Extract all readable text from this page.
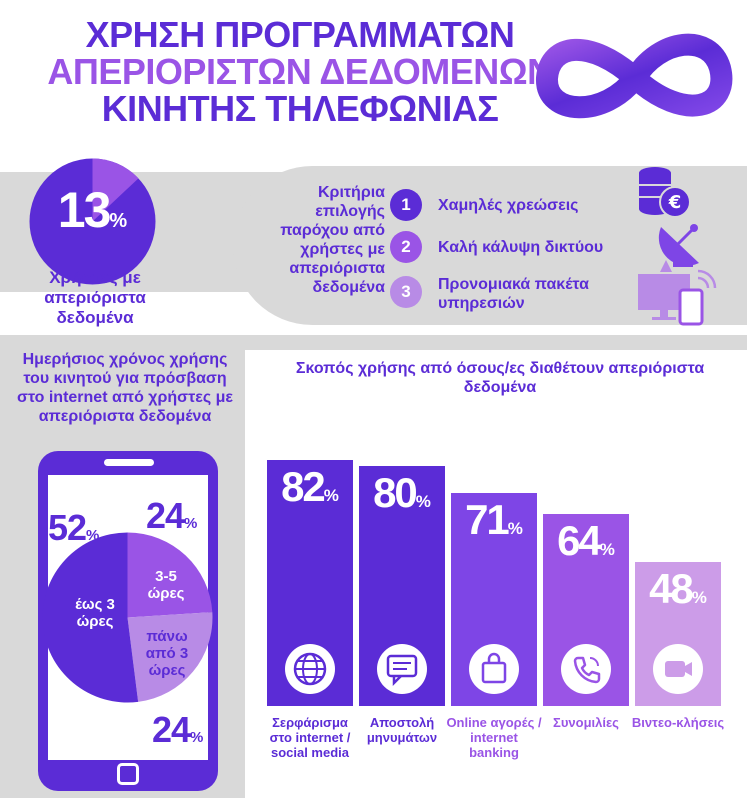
ΧΡΗΣΗ ΠΡΟΓΡΑΜΜΑΤΩΝ
ΑΠΕΡΙΟΡΙΣΤΩΝ ΔΕΔΟΜΕΝΩΝ
ΚΙΝΗΤΗΣ ΤΗΛΕΦΩΝΙΑΣ
13%
Χρήστες με απεριόριστα δεδομένα
Κριτήρια επιλογής παρόχου από χρήστες με απεριόριστα δεδομένα
1	Χαμηλές χρεώσεις
2	Καλή κάλυψη δικτύου
3	Προνομιακά πακέτα υπηρεσιών
€
Ημερήσιος χρόνος χρήσης του κινητού για πρόσβαση στο internet από χρήστες με απεριόριστα δεδομένα
52% 24%
24%
έως 3 ώρες
3-5 ώρες
πάνω από 3 ώρες
Σκοπός χρήσης από όσους/ες διαθέτουν απεριόριστα δεδομένα
82%
Σερφάρισμα στο internet / social media
80%
Αποστολή μηνυμάτων
71%
Online αγορές / internet banking
64%
Συνομιλίες
48%
Βιντεο-κλήσεις
